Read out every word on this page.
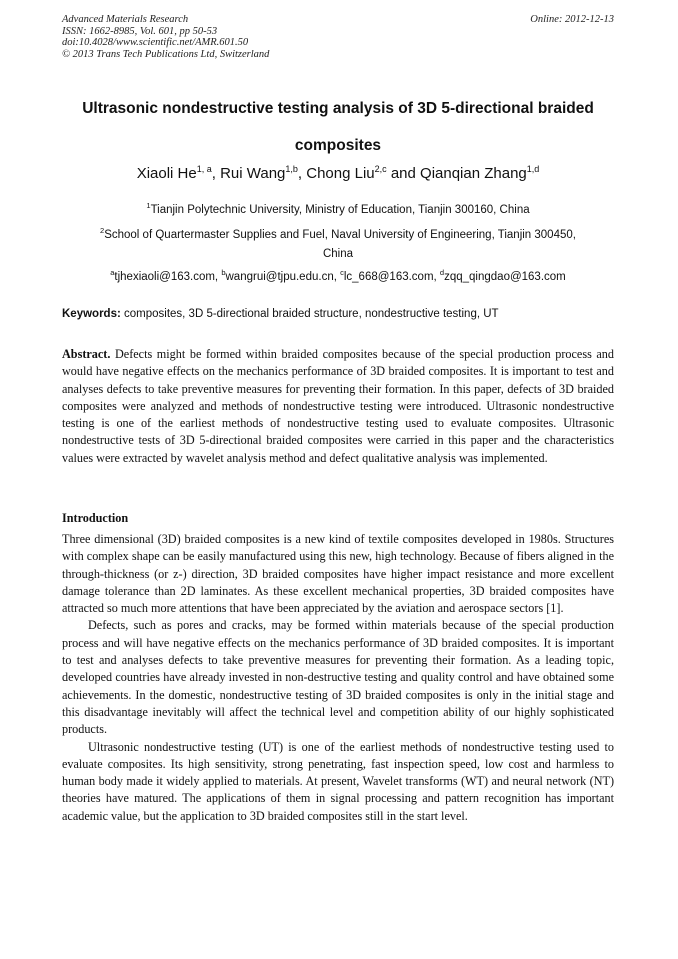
Advanced Materials Research
ISSN: 1662-8985, Vol. 601, pp 50-53
doi:10.4028/www.scientific.net/AMR.601.50
© 2013 Trans Tech Publications Ltd, Switzerland
Online: 2012-12-13
Ultrasonic nondestructive testing analysis of 3D 5-directional braided
composites
Xiaoli He$^{1, a}$, Rui Wang$^{1,b}$, Chong Liu$^{2,c}$ and Qianqian Zhang$^{1,d}$
$^1$Tianjin Polytechnic University, Ministry of Education, Tianjin 300160, China
$^2$School of Quartermaster Supplies and Fuel, Naval University of Engineering, Tianjin 300450,
China
$^a$tjhexiaoli@163.com, $^b$wangrui@tjpu.edu.cn, $^c$lc_668@163.com, $^d$zqq_qingdao@163.com
Keywords: composites, 3D 5-directional braided structure, nondestructive testing, UT

Abstract. Defects might be formed within braided composites because of the special production process and would have negative effects on the mechanics performance of 3D braided composites. It is important to test and analyses defects to take preventive measures for preventing their formation. In this paper, defects of 3D braided composites were analyzed and methods of nondestructive testing were introduced. Ultrasonic nondestructive testing is one of the earliest methods of nondestructive testing used to evaluate composites. Ultrasonic nondestructive tests of 3D 5-directional braided composites were carried in this paper and the characteristics values were extracted by wavelet analysis method and defect qualitative analysis was implemented.

Introduction

Three dimensional (3D) braided composites is a new kind of textile composites developed in 1980s. Structures with complex shape can be easily manufactured using this new, high technology. Because of fibers aligned in the through-thickness (or z-) direction, 3D braided composites have higher impact resistance and more excellent damage tolerance than 2D laminates. As these excellent mechanical properties, 3D braided composites have attracted so much more attentions that have been appreciated by the aviation and aerospace sectors [1].

Defects, such as pores and cracks, may be formed within materials because of the special production process and will have negative effects on the mechanics performance of 3D braided composites. It is important to test and analyses defects to take preventive measures for preventing their formation. As a leading topic, developed countries have already invested in non-destructive testing and quality control and have obtained some achievements. In the domestic, nondestructive testing of 3D braided composites is only in the initial stage and this disadvantage inevitably will affect the technical level and competition ability of our highly sophisticated products.

Ultrasonic nondestructive testing (UT) is one of the earliest methods of nondestructive testing used to evaluate composites. Its high sensitivity, strong penetrating, fast inspection speed, low cost and harmless to human body made it widely applied to materials. At present, Wavelet transforms (WT) and neural network (NT) theories have matured. The applications of them in signal processing and pattern recognition has important academic value, but the application to 3D braided composites still in the start level.
